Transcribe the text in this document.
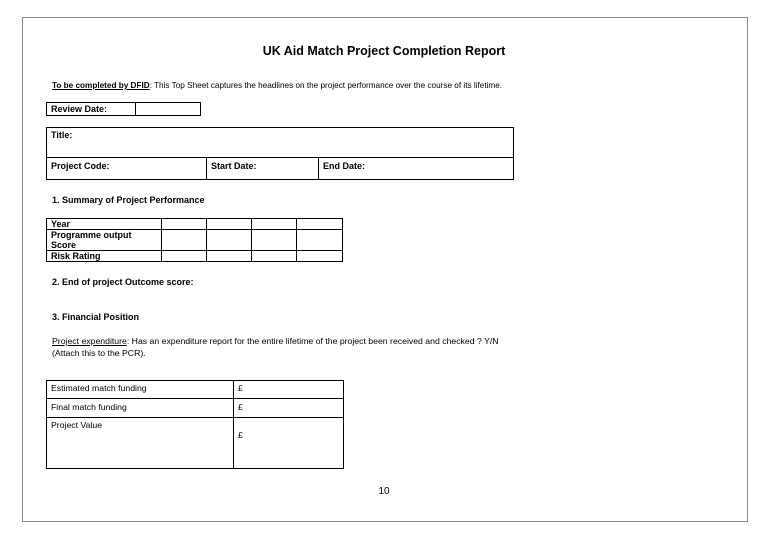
UK Aid Match Project Completion Report
To be completed by DFID: This Top Sheet captures the headlines on the project performance over the course of its lifetime.
Review Date:	
Title:
Project Code:	Start Date:	End Date:
1. Summary of Project Performance
Year				
Programme output Score				
Risk Rating				
2. End of project Outcome score:
3. Financial Position
Project expenditure: Has an expenditure report for the entire lifetime of the project been received and checked ? Y/N
(Attach this to the PCR).
Estimated match funding	£
Final match funding	£
Project Value	£
10
